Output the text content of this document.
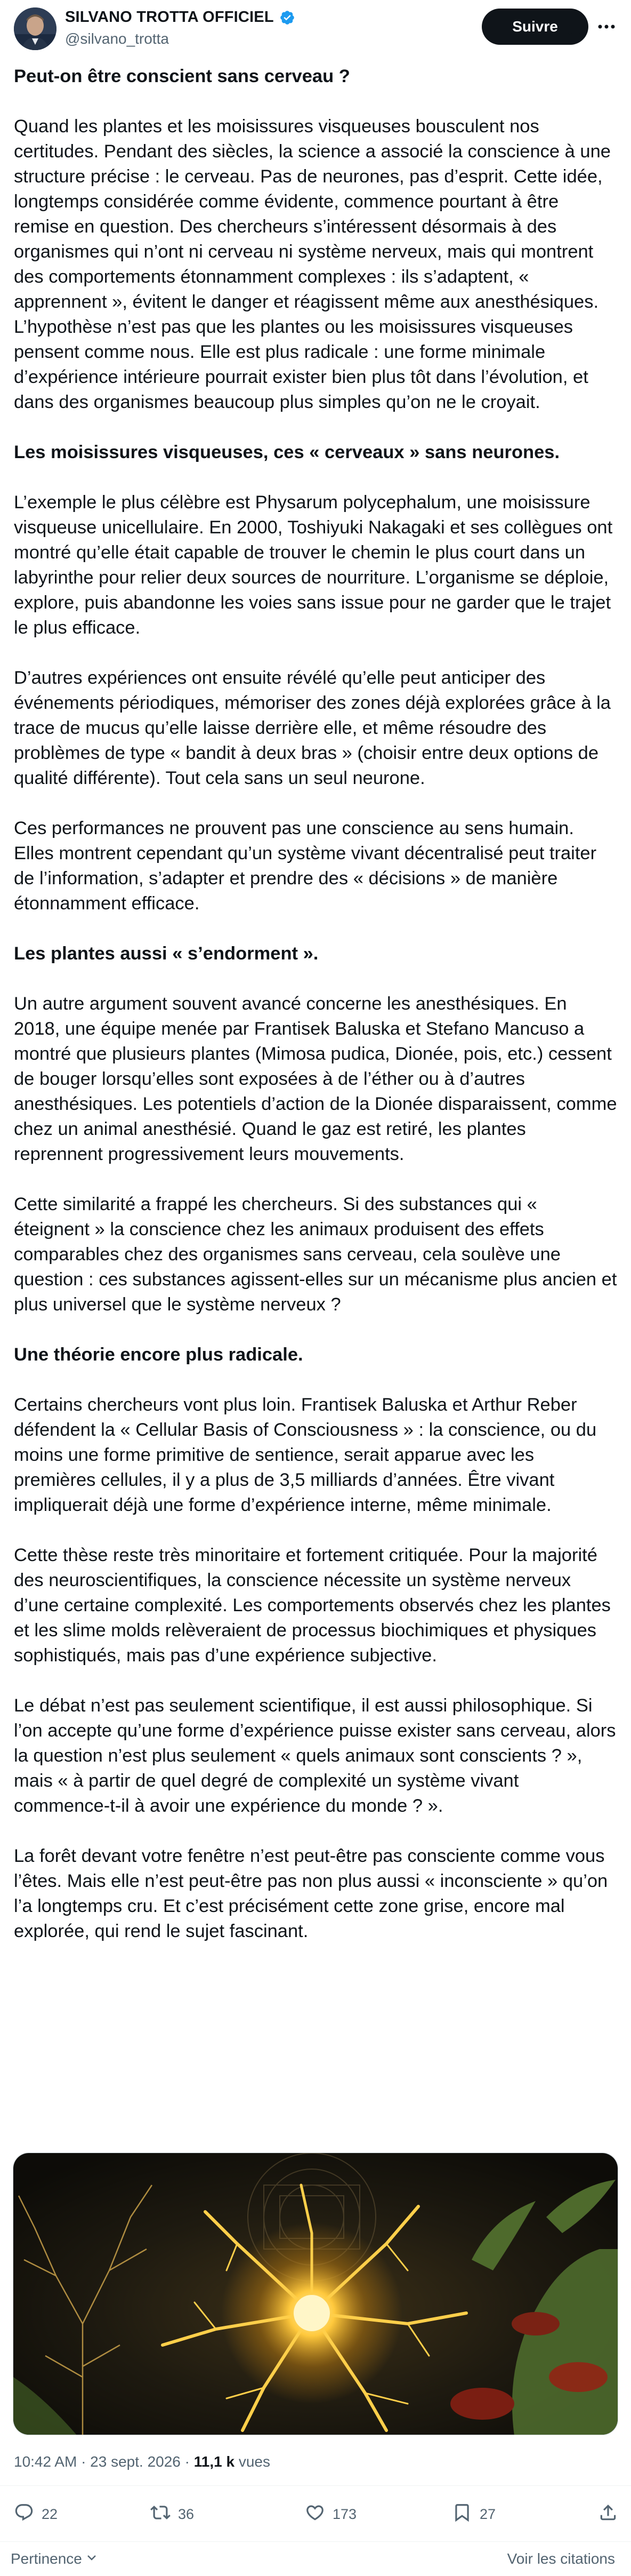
SILVANO TROTTA OFFICIEL
@silvano_trotta
Suivre

Peut-on être conscient sans cerveau ?

Quand les plantes et les moisissures visqueuses bousculent nos certitudes. Pendant des siècles, la science a associé la conscience à une structure précise : le cerveau. Pas de neurones, pas d’esprit. Cette idée, longtemps considérée comme évidente, commence pourtant à être remise en question. Des chercheurs s’intéressent désormais à des organismes qui n’ont ni cerveau ni système nerveux, mais qui montrent des comportements étonnamment complexes : ils s’adaptent, « apprennent », évitent le danger et réagissent même aux anesthésiques. L’hypothèse n’est pas que les plantes ou les moisissures visqueuses pensent comme nous. Elle est plus radicale : une forme minimale d’expérience intérieure pourrait exister bien plus tôt dans l’évolution, et dans des organismes beaucoup plus simples qu’on ne le croyait.

Les moisissures visqueuses, ces « cerveaux » sans neurones.

L’exemple le plus célèbre est Physarum polycephalum, une moisissure visqueuse unicellulaire. En 2000, Toshiyuki Nakagaki et ses collègues ont montré qu’elle était capable de trouver le chemin le plus court dans un labyrinthe pour relier deux sources de nourriture. L’organisme se déploie, explore, puis abandonne les voies sans issue pour ne garder que le trajet le plus efficace.

D’autres expériences ont ensuite révélé qu’elle peut anticiper des événements périodiques, mémoriser des zones déjà explorées grâce à la trace de mucus qu’elle laisse derrière elle, et même résoudre des problèmes de type « bandit à deux bras » (choisir entre deux options de qualité différente). Tout cela sans un seul neurone.

Ces performances ne prouvent pas une conscience au sens humain. Elles montrent cependant qu’un système vivant décentralisé peut traiter de l’information, s’adapter et prendre des « décisions » de manière étonnamment efficace.

Les plantes aussi « s’endorment ».

Un autre argument souvent avancé concerne les anesthésiques. En 2018, une équipe menée par Frantisek Baluska et Stefano Mancuso a montré que plusieurs plantes (Mimosa pudica, Dionée, pois, etc.) cessent de bouger lorsqu’elles sont exposées à de l’éther ou à d’autres anesthésiques. Les potentiels d’action de la Dionée disparaissent, comme chez un animal anesthésié. Quand le gaz est retiré, les plantes reprennent progressivement leurs mouvements.

Cette similarité a frappé les chercheurs. Si des substances qui « éteignent » la conscience chez les animaux produisent des effets comparables chez des organismes sans cerveau, cela soulève une question : ces substances agissent-elles sur un mécanisme plus ancien et plus universel que le système nerveux ?

Une théorie encore plus radicale.

Certains chercheurs vont plus loin. Frantisek Baluska et Arthur Reber défendent la « Cellular Basis of Consciousness » : la conscience, ou du moins une forme primitive de sentience, serait apparue avec les premières cellules, il y a plus de 3,5 milliards d’années. Être vivant impliquerait déjà une forme d’expérience interne, même minimale.

Cette thèse reste très minoritaire et fortement critiquée. Pour la majorité des neuroscientifiques, la conscience nécessite un système nerveux d’une certaine complexité. Les comportements observés chez les plantes et les slime molds relèveraient de processus biochimiques et physiques sophistiqués, mais pas d’une expérience subjective.

Le débat n’est pas seulement scientifique, il est aussi philosophique. Si l’on accepte qu’une forme d’expérience puisse exister sans cerveau, alors la question n’est plus seulement « quels animaux sont conscients ? », mais « à partir de quel degré de complexité un système vivant commence-t-il à avoir une expérience du monde ? ».

La forêt devant votre fenêtre n’est peut-être pas consciente comme vous l’êtes. Mais elle n’est peut-être pas non plus aussi « inconsciente » qu’on l’a longtemps cru. Et c’est précisément cette zone grise, encore mal explorée, qui rend le sujet fascinant.

10:42 AM · 23 sept. 2026 · 11,1 k vues
22	36	173	27
Pertinence	Voir les citations
